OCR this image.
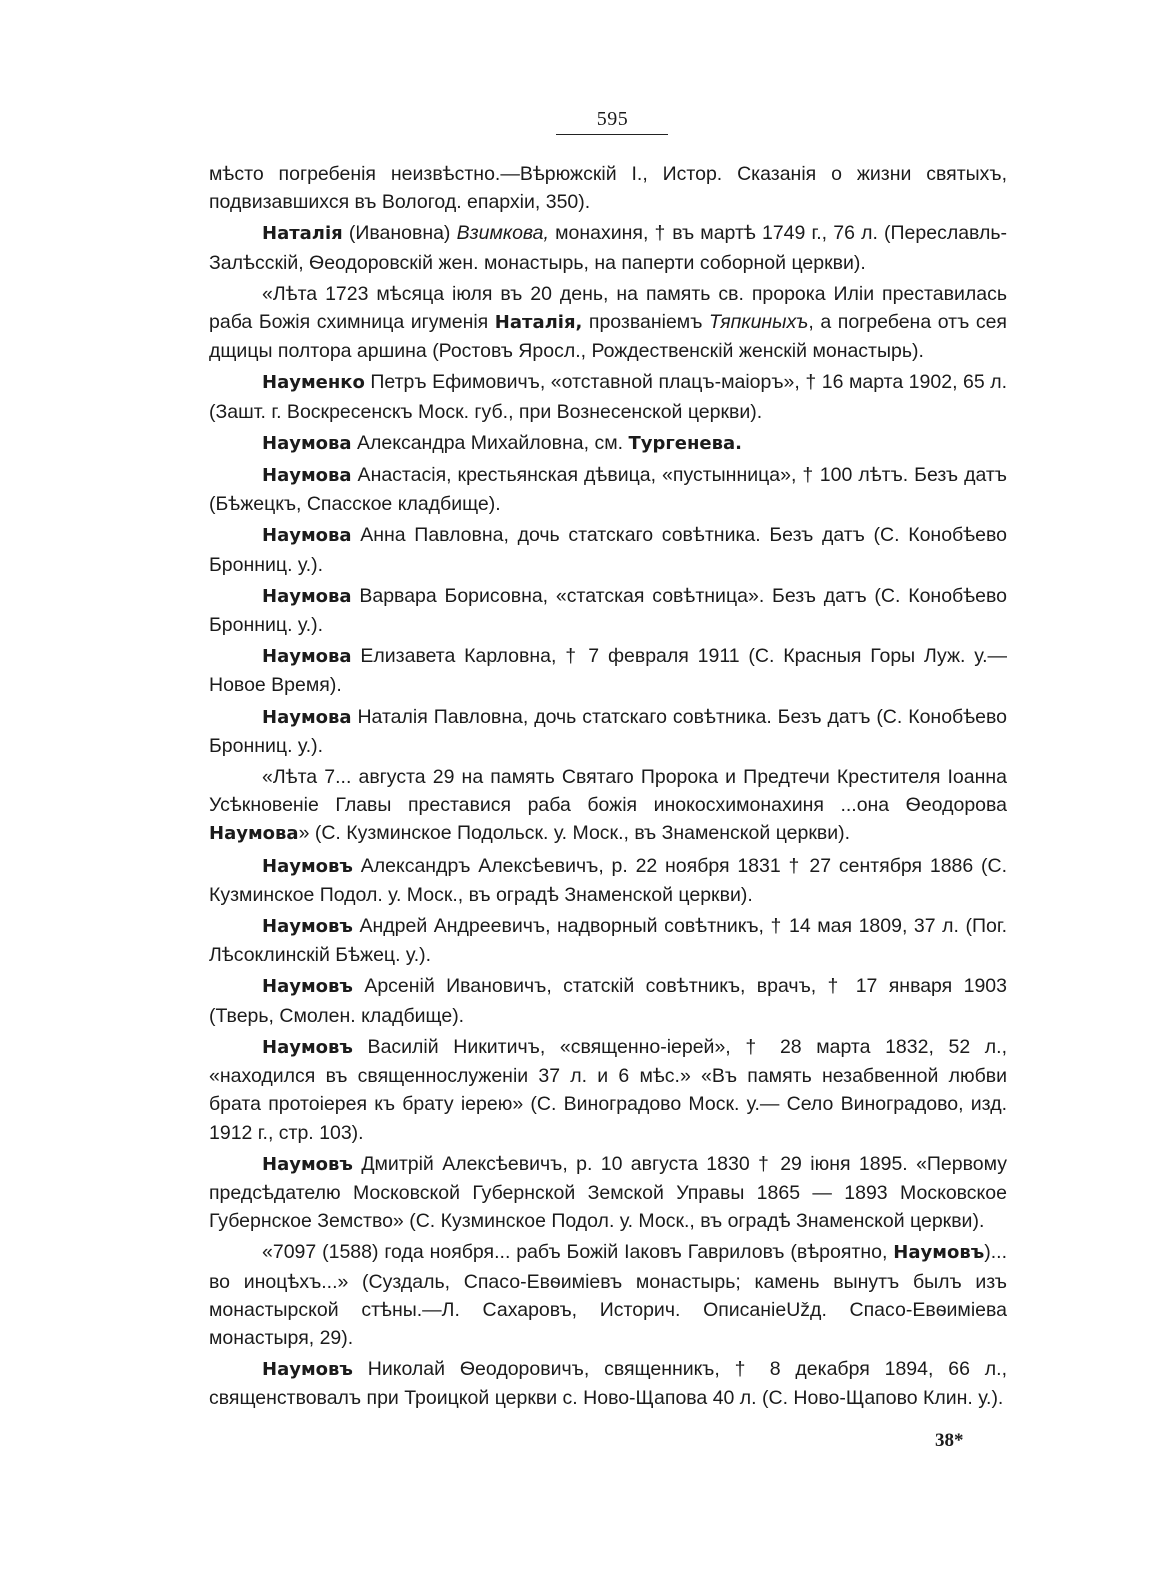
595

мѣсто погребенія неизвѣстно.—Вѣрюжскій І., Истор. Сказанія о жизни святыхъ, подвизавшихся въ Вологод. епархіи, 350).

Наталія (Ивановна) Взимкова, монахиня, † въ мартѣ 1749 г., 76 л. (Переславль-Залѣсскій, Ѳеодоровскій жен. монастырь, на паперти соборной церкви).

«Лѣта 1723 мѣсяца іюля въ 20 день, на память св. пророка Иліи преставилась раба Божія схимница игуменія Наталія, прозваніемъ Тяпкиныхъ, а погребена отъ сея дщицы полтора аршина (Ростовъ Яросл., Рождественскій женскій монастырь).

Науменко Петръ Ефимовичъ, «отставной плацъ-маіоръ», † 16 марта 1902, 65 л. (Зашт. г. Воскресенскъ Моск. губ., при Вознесенской церкви).

Наумова Александра Михайловна, см. Тургенева.

Наумова Анастасія, крестьянская дѣвица, «пустынница», † 100 лѣтъ. Безъ датъ (Бѣжецкъ, Спасское кладбище).

Наумова Анна Павловна, дочь статскаго совѣтника. Безъ датъ (С. Конобѣево Бронниц. у.).

Наумова Варвара Борисовна, «статская совѣтница». Безъ датъ (С. Конобѣево Бронниц. у.).

Наумова Елизавета Карловна, † 7 февраля 1911 (С. Красныя Горы Луж. у.—Новое Время).

Наумова Наталія Павловна, дочь статскаго совѣтника. Безъ датъ (С. Конобѣево Бронниц. у.).

«Лѣта 7... августа 29 на память Святаго Пророка и Предтечи Крестителя Іоанна Усѣкновеніе Главы преставися раба божія инокосхимонахиня ...она Ѳеодорова Наумова» (С. Кузминское Подольск. у. Моск., въ Знаменской церкви).

Наумовъ Александръ Алексѣевичъ, р. 22 ноября 1831 † 27 сентября 1886 (С. Кузминское Подол. у. Моск., въ оградѣ Знаменской церкви).

Наумовъ Андрей Андреевичъ, надворный совѣтникъ, † 14 мая 1809, 37 л. (Пог. Лѣсоклинскій Бѣжец. у.).

Наумовъ Арсеній Ивановичъ, статскій совѣтникъ, врачъ, † 17 января 1903 (Тверь, Смолен. кладбище).

Наумовъ Василій Никитичъ, «священно-іерей», † 28 марта 1832, 52 л., «находился въ священнослуженіи 37 л. и 6 мѣс.» «Въ память незабвенной любви брата протоіерея къ брату іерею» (С. Виноградово Моск. у.— Село Виноградово, изд. 1912 г., стр. 103).

Наумовъ Дмитрій Алексѣевичъ, р. 10 августа 1830 † 29 іюня 1895. «Первому предсѣдателю Московской Губернской Земской Управы 1865 — 1893 Московское Губернское Земство» (С. Кузминское Подол. у. Моск., въ оградѣ Знаменской церкви).

«7097 (1588) года ноября... рабъ Божій Іаковъ Гавриловъ (вѣроятно, Наумовъ)... во иноцѣхъ...» (Суздаль, Спасо-Евѳиміевъ монастырь; камень вынутъ былъ изъ монастырской стѣны.—Л. Сахаровъ, Историч. ОписаніеUžд. Спасо-Евѳиміева монастыря, 29).

Наумовъ Николай Ѳеодоровичъ, священникъ, † 8 декабря 1894, 66 л., священствовалъ при Троицкой церкви с. Ново-Щапова 40 л. (С. Ново-Щапово Клин. у.).

38*
